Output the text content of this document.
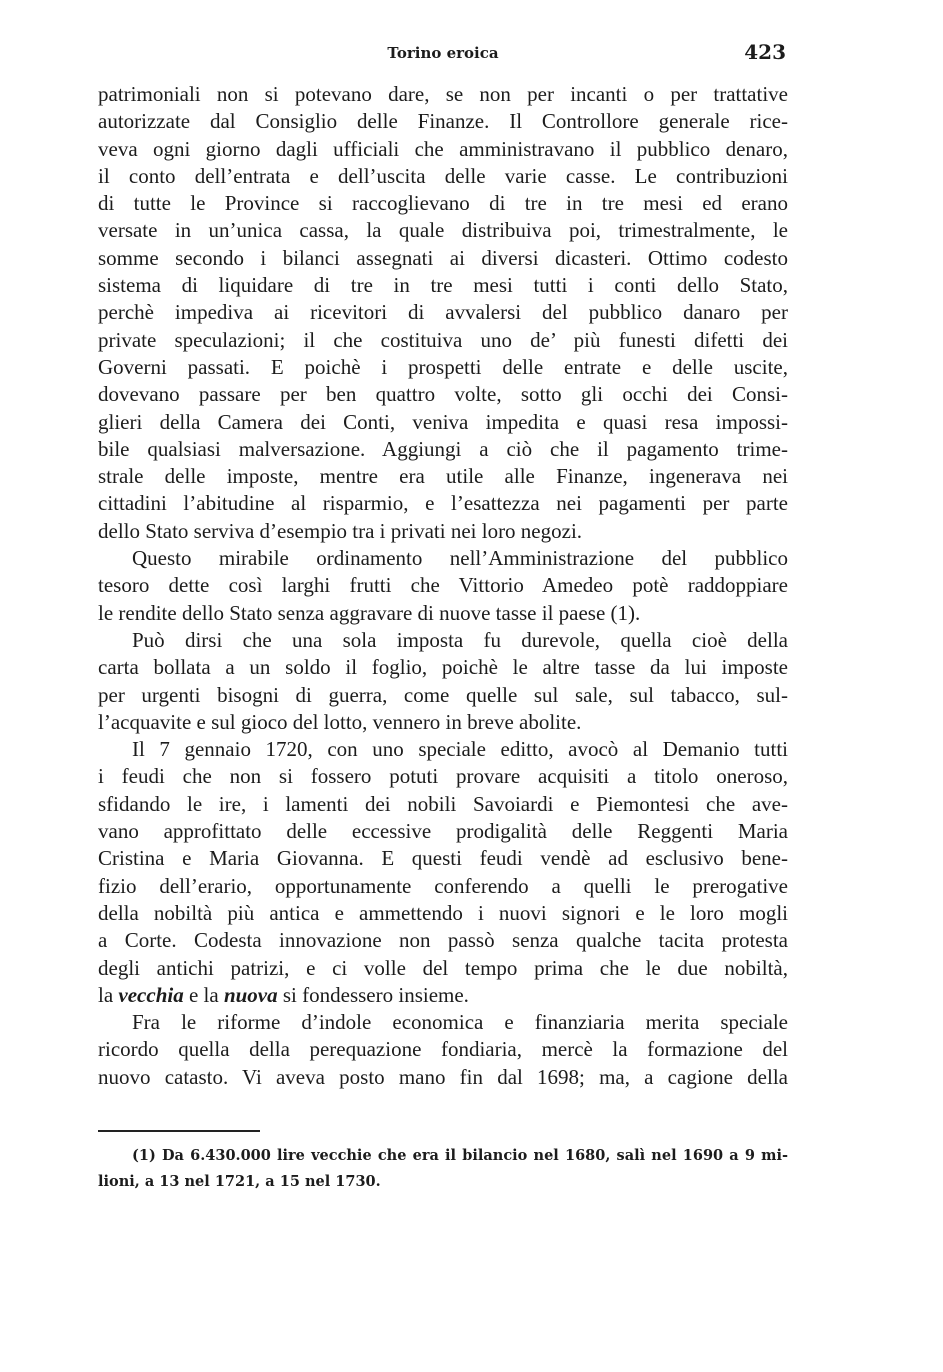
Torino eroica	423
patrimoniali non si potevano dare, se non per incanti o per trattative
autorizzate dal Consiglio delle Finanze. Il Controllore generale rice-
veva ogni giorno dagli ufficiali che amministravano il pubblico denaro,
il conto dell’entrata e dell’uscita delle varie casse. Le contribuzioni
di tutte le Province si raccoglievano di tre in tre mesi ed erano
versate in un’unica cassa, la quale distribuiva poi, trimestralmente, le
somme secondo i bilanci assegnati ai diversi dicasteri. Ottimo codesto
sistema di liquidare di tre in tre mesi tutti i conti dello Stato,
perchè impediva ai ricevitori di avvalersi del pubblico danaro per
private speculazioni; il che costituiva uno de’ più funesti difetti dei
Governi passati. E poichè i prospetti delle entrate e delle uscite,
dovevano passare per ben quattro volte, sotto gli occhi dei Consi-
glieri della Camera dei Conti, veniva impedita e quasi resa impossi-
bile qualsiasi malversazione. Aggiungi a ciò che il pagamento trime-
strale delle imposte, mentre era utile alle Finanze, ingenerava nei
cittadini l’abitudine al risparmio, e l’esattezza nei pagamenti per parte
dello Stato serviva d’esempio tra i privati nei loro negozi.
Questo mirabile ordinamento nell’Amministrazione del pubblico
tesoro dette così larghi frutti che Vittorio Amedeo potè raddoppiare
le rendite dello Stato senza aggravare di nuove tasse il paese (1).
Può dirsi che una sola imposta fu durevole, quella cioè della
carta bollata a un soldo il foglio, poichè le altre tasse da lui imposte
per urgenti bisogni di guerra, come quelle sul sale, sul tabacco, sul-
l’acquavite e sul gioco del lotto, vennero in breve abolite.
Il 7 gennaio 1720, con uno speciale editto, avocò al Demanio tutti
i feudi che non si fossero potuti provare acquisiti a titolo oneroso,
sfidando le ire, i lamenti dei nobili Savoiardi e Piemontesi che ave-
vano approfittato delle eccessive prodigalità delle Reggenti Maria
Cristina e Maria Giovanna. E questi feudi vendè ad esclusivo bene-
fizio dell’erario, opportunamente conferendo a quelli le prerogative
della nobiltà più antica e ammettendo i nuovi signori e le loro mogli
a Corte. Codesta innovazione non passò senza qualche tacita protesta
degli antichi patrizi, e ci volle del tempo prima che le due nobiltà,
la vecchia e la nuova si fondessero insieme.
Fra le riforme d’indole economica e finanziaria merita speciale
ricordo quella della perequazione fondiaria, mercè la formazione del
nuovo catasto. Vi aveva posto mano fin dal 1698; ma, a cagione della
(1) Da 6.430.000 lire vecchie che era il bilancio nel 1680, salì nel 1690 a 9 mi-
lioni, a 13 nel 1721, a 15 nel 1730.
